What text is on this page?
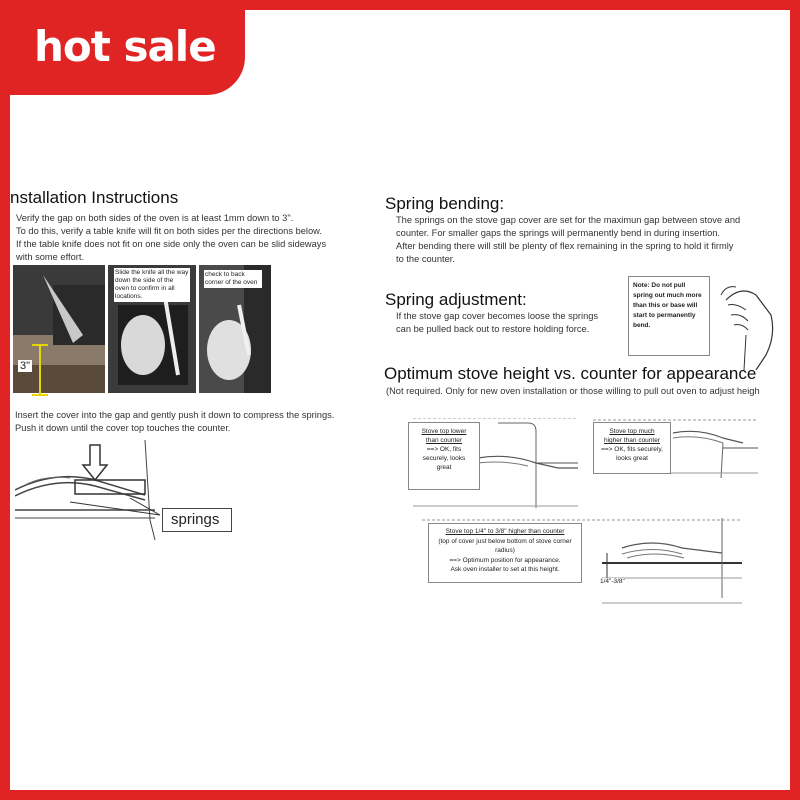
hot sale
nstallation Instructions
Verify the gap on both sides of the oven is at least 1mm down to 3".
To do this, verify a table knife will fit on both sides per the directions below.
If the table knife does not fit on one side only the oven can be slid sideways
with some effort.
Slide the knife all the way down the side of the oven to confirm in all locations.
check to back corner of the oven
3"
Insert the cover into the gap and gently push it down to compress the springs.
Push it down until the cover top touches the counter.
springs
Spring bending:
The springs on the stove gap cover are set for the maximun gap between stove and
counter. For smaller gaps the springs will permanently bend in during insertion.
After bending there will still be plenty of flex remaining in the spring to hold it firmly
to the counter.
Spring adjustment:
If the stove gap cover becomes loose the springs
can be pulled back out to restore holding force.
Note: Do not pull spring out much more than this or base will start to permanently bend.
Optimum stove height vs. counter for appearance
(Not required. Only for new oven installation or those willing to pull out oven to adjust heigh
Stove top lower
than counter
==> OK, fits
securely, looks
great
Stove top much
higher than counter
==> OK, fits securely,
looks great
Stove top 1/4" to 3/8" higher than counter
(top of cover just below bottom of stove corner
radius)
==> Optimum position for appearance.
Ask oven installer to set at this height.
1/4"-3/8"
